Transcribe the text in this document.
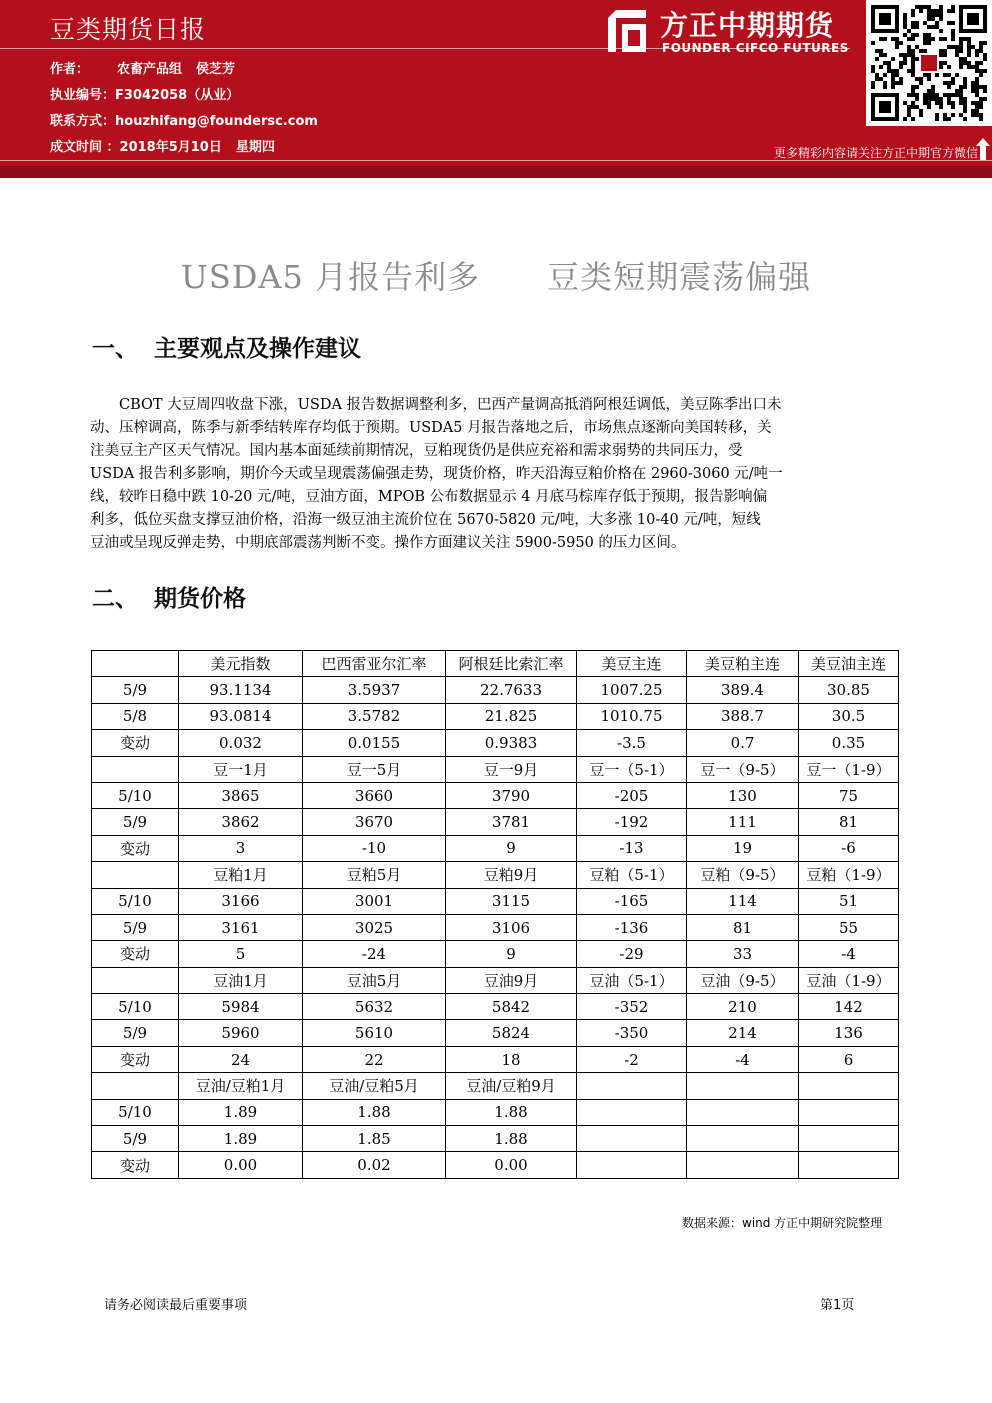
豆类期货日报
作者： 农畜产品组 侯芝芳
执业编号：F3042058（从业）
联系方式：houzhifang@foundersc.com
成文时间 ：2018年5月10日 星期四
方正中期期货
FOUNDER CIFCO FUTURES
更多精彩内容请关注方正中期官方微信
USDA5 月报告利多      豆类短期震荡偏强
一、  主要观点及操作建议
CBOT 大豆周四收盘下涨，USDA 报告数据调整利多，巴西产量调高抵消阿根廷调低，美豆陈季出口未
动、压榨调高，陈季与新季结转库存均低于预期。USDA5 月报告落地之后，市场焦点逐渐向美国转移，关
注美豆主产区天气情况。国内基本面延续前期情况，豆粕现货仍是供应充裕和需求弱势的共同压力，受
USDA 报告利多影响，期价今天或呈现震荡偏强走势，现货价格，昨天沿海豆粕价格在 2960-3060 元/吨一
线，较昨日稳中跌 10-20 元/吨，豆油方面，MPOB 公布数据显示 4 月底马棕库存低于预期，报告影响偏
利多，低位买盘支撑豆油价格，沿海一级豆油主流价位在 5670-5820 元/吨，大多涨 10-40 元/吨，短线
豆油或呈现反弹走势，中期底部震荡判断不变。操作方面建议关注 5900-5950 的压力区间。
二、  期货价格
	美元指数	巴西雷亚尔汇率	阿根廷比索汇率	美豆主连	美豆粕主连	美豆油主连
5/9	93.1134	3.5937	22.7633	1007.25	389.4	30.85
5/8	93.0814	3.5782	21.825	1010.75	388.7	30.5
变动	0.032	0.0155	0.9383	-3.5	0.7	0.35
	豆一1月	豆一5月	豆一9月	豆一（5-1）	豆一（9-5）	豆一（1-9）
5/10	3865	3660	3790	-205	130	75
5/9	3862	3670	3781	-192	111	81
变动	3	-10	9	-13	19	-6
	豆粕1月	豆粕5月	豆粕9月	豆粕（5-1）	豆粕（9-5）	豆粕（1-9）
5/10	3166	3001	3115	-165	114	51
5/9	3161	3025	3106	-136	81	55
变动	5	-24	9	-29	33	-4
	豆油1月	豆油5月	豆油9月	豆油（5-1）	豆油（9-5）	豆油（1-9）
5/10	5984	5632	5842	-352	210	142
5/9	5960	5610	5824	-350	214	136
变动	24	22	18	-2	-4	6
	豆油/豆粕1月	豆油/豆粕5月	豆油/豆粕9月			
5/10	1.89	1.88	1.88			
5/9	1.89	1.85	1.88			
变动	0.00	0.02	0.00			
数据来源：wind 方正中期研究院整理
请务必阅读最后重要事项	第1页
